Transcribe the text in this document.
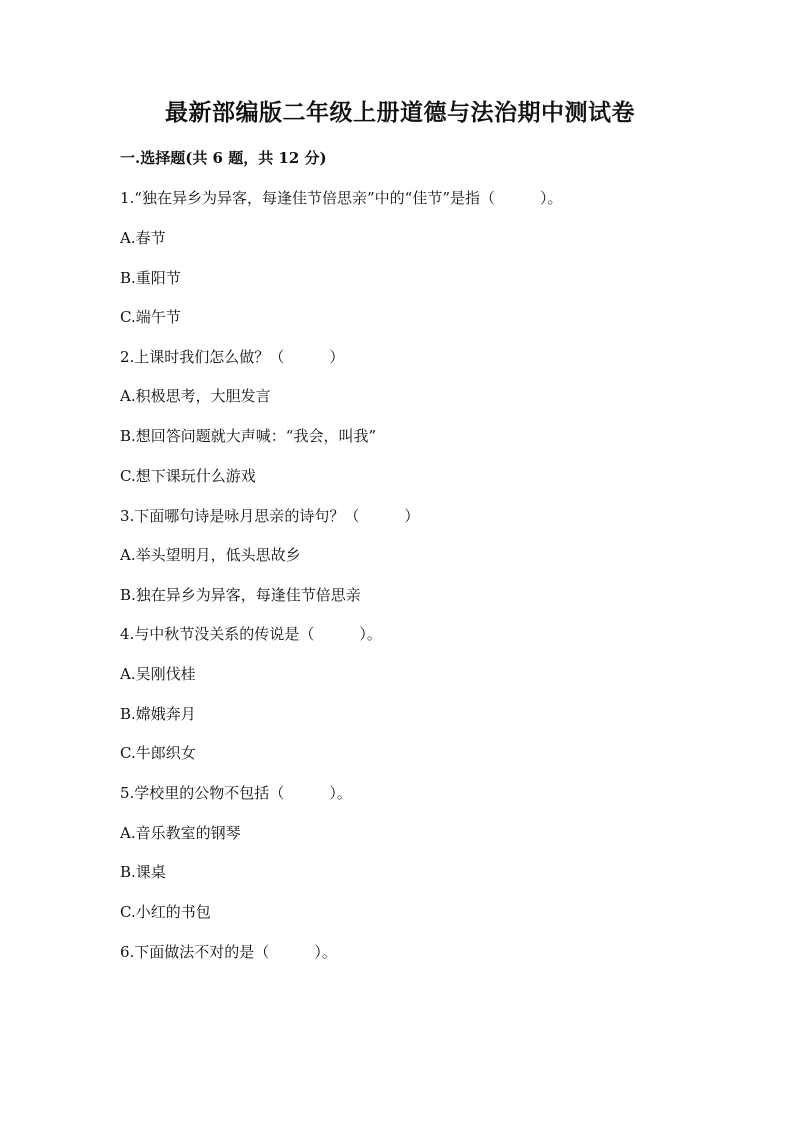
最新部编版二年级上册道德与法治期中测试卷
一.选择题(共 6 题，共 12 分)
1.“独在异乡为异客，每逢佳节倍思亲”中的“佳节”是指（　　　）。
A.春节
B.重阳节
C.端午节
2.上课时我们怎么做？（　　　）
A.积极思考，大胆发言
B.想回答问题就大声喊：“我会，叫我”
C.想下课玩什么游戏
3.下面哪句诗是咏月思亲的诗句？（　　　）
A.举头望明月，低头思故乡
B.独在异乡为异客，每逢佳节倍思亲
4.与中秋节没关系的传说是（　　　）。
A.吴刚伐桂
B.嫦娥奔月
C.牛郎织女
5.学校里的公物不包括（　　　）。
A.音乐教室的钢琴
B.课桌
C.小红的书包
6.下面做法不对的是（　　　）。
